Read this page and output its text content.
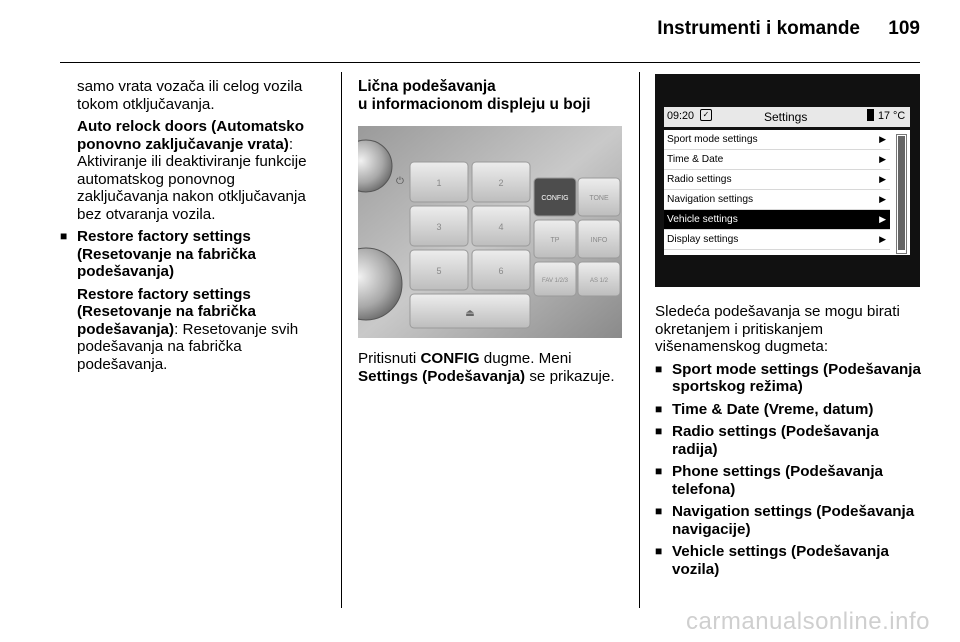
Instrumenti i komande	109

samo vrata vozača ili celog vozila tokom otključavanja.

Auto relock doors (Automatsko ponovno zaključavanje vrata): Aktiviranje ili deaktiviranje funkcije automatskog ponovnog zaključavanja nakon otključavanja bez otvaranja vozila.

■ Restore factory settings (Resetovanje na fabrička podešavanja)

Restore factory settings (Resetovanje na fabrička podešavanja): Resetovanje svih podešavanja na fabrička podešavanja.

Lična podešavanja
u informacionom displeju u boji
⏻	1	2
3	4
5	6
CONFIG	TONE
TP	INFO
FAV 1/2/3	AS 1/2
⏏

Pritisnuti CONFIG dugme. Meni Settings (Podešavanja) se prikazuje.

09:20	✓	Settings	17 °C
Sport mode settings	▶
Time & Date	▶
Radio settings	▶
Navigation settings	▶
Vehicle settings	▶
Display settings	▶

Sledeća podešavanja se mogu birati okretanjem i pritiskanjem višenamenskog dugmeta:

■ Sport mode settings (Podešavanja sportskog režima)
■ Time & Date (Vreme, datum)
■ Radio settings (Podešavanja radija)
■ Phone settings (Podešavanja telefona)
■ Navigation settings (Podešavanja navigacije)
■ Vehicle settings (Podešavanja vozila)
carmanualsonline.info
